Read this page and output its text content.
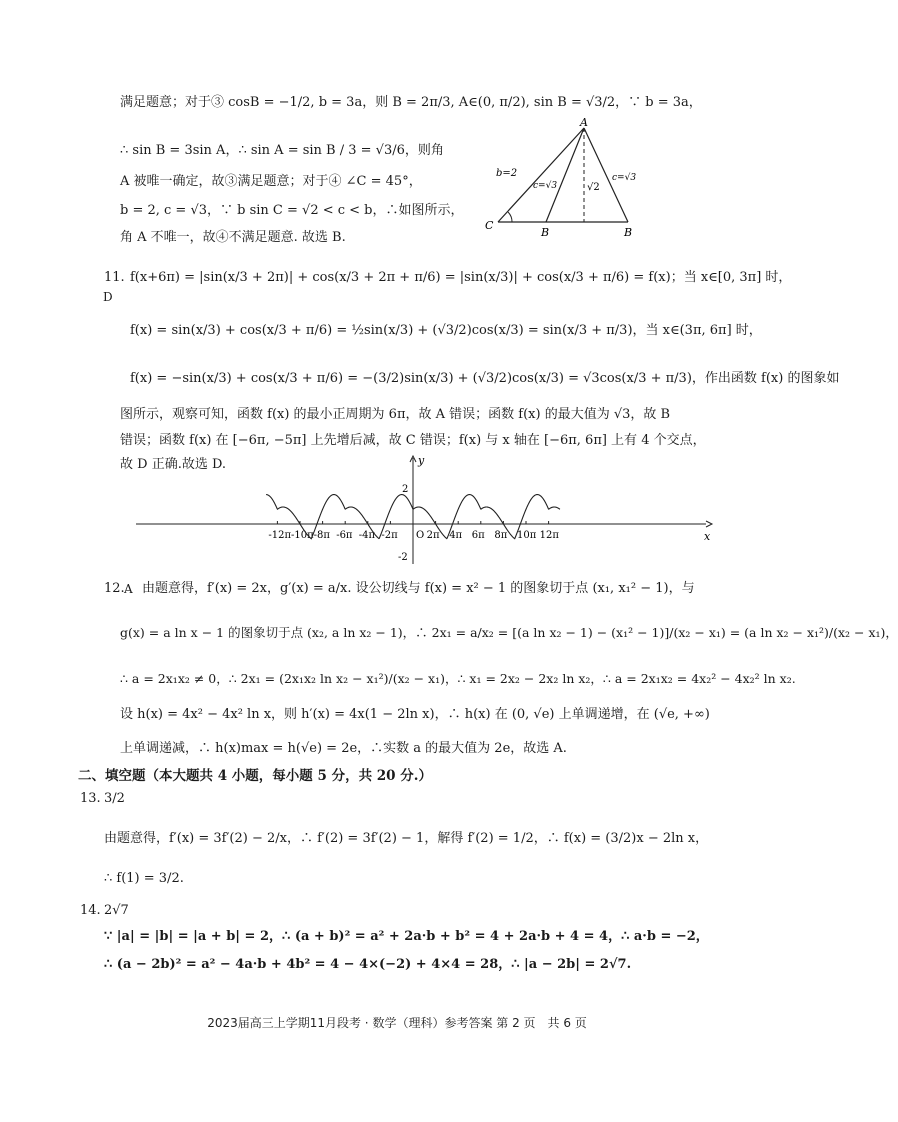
满足题意；对于③ cosB = −1/2, b = 3a，则 B = 2π/3, A∈(0, π/2), sin B = √3/2，∵ b = 3a，
∴ sin B = 3sin A，∴ sin A = sin B / 3 = √3/6，则角
A 被唯一确定，故③满足题意；对于④ ∠C = 45°，
b = 2, c = √3，∵ b sin C = √2 < c < b，∴如图所示，
角 A 不唯一，故④不满足题意. 故选 B.
A
B	B
C
b=2
c=√3
c=√3
√2
11.
D
f(x+6π) = |sin(x/3 + 2π)| + cos(x/3 + 2π + π/6) = |sin(x/3)| + cos(x/3 + π/6) = f(x)；当 x∈[0, 3π] 时，
f(x) = sin(x/3) + cos(x/3 + π/6) = ½sin(x/3) + (√3/2)cos(x/3) = sin(x/3 + π/3)，当 x∈(3π, 6π] 时，
f(x) = −sin(x/3) + cos(x/3 + π/6) = −(3/2)sin(x/3) + (√3/2)cos(x/3) = √3cos(x/3 + π/3)，作出函数 f(x) 的图象如
图所示，观察可知，函数 f(x) 的最小正周期为 6π，故 A 错误；函数 f(x) 的最大值为 √3，故 B
错误；函数 f(x) 在 [−6π, −5π] 上先增后减，故 C 错误；f(x) 与 x 轴在 [−6π, 6π] 上有 4 个交点，
故 D 正确.故选 D.	y
x
2
-2
-12π -10π -8π -6π -4π -2π O 2π 4π 6π 8π 10π 12π
12. A 由题意得，f′(x) = 2x，g′(x) = a/x. 设公切线与 f(x) = x² − 1 的图象切于点 (x₁, x₁² − 1)，与
g(x) = a ln x − 1 的图象切于点 (x₂, a ln x₂ − 1)，∴ 2x₁ = a/x₂ = [(a ln x₂ − 1) − (x₁² − 1)]/(x₂ − x₁) = (a ln x₂ − x₁²)/(x₂ − x₁)，
∴ a = 2x₁x₂ ≠ 0，∴ 2x₁ = (2x₁x₂ ln x₂ − x₁²)/(x₂ − x₁)，∴ x₁ = 2x₂ − 2x₂ ln x₂，∴ a = 2x₁x₂ = 4x₂² − 4x₂² ln x₂.
设 h(x) = 4x² − 4x² ln x，则 h′(x) = 4x(1 − 2ln x)，∴ h(x) 在 (0, √e) 上单调递增，在 (√e, +∞)
上单调递减，∴ h(x)max = h(√e) = 2e，∴实数 a 的最大值为 2e，故选 A.
二、填空题（本大题共 4 小题，每小题 5 分，共 20 分.）
13. 3/2
由题意得，f′(x) = 3f′(2) − 2/x，∴ f′(2) = 3f′(2) − 1，解得 f′(2) = 1/2，∴ f(x) = (3/2)x − 2ln x，
∴ f(1) = 3/2.
14. 2√7
∵ |a| = |b| = |a + b| = 2，∴ (a + b)² = a² + 2a·b + b² = 4 + 2a·b + 4 = 4，∴ a·b = −2，
∴ (a − 2b)² = a² − 4a·b + 4b² = 4 − 4×(−2) + 4×4 = 28，∴ |a − 2b| = 2√7.
2023届高三上学期11月段考 · 数学（理科）参考答案 第 2 页　共 6 页
